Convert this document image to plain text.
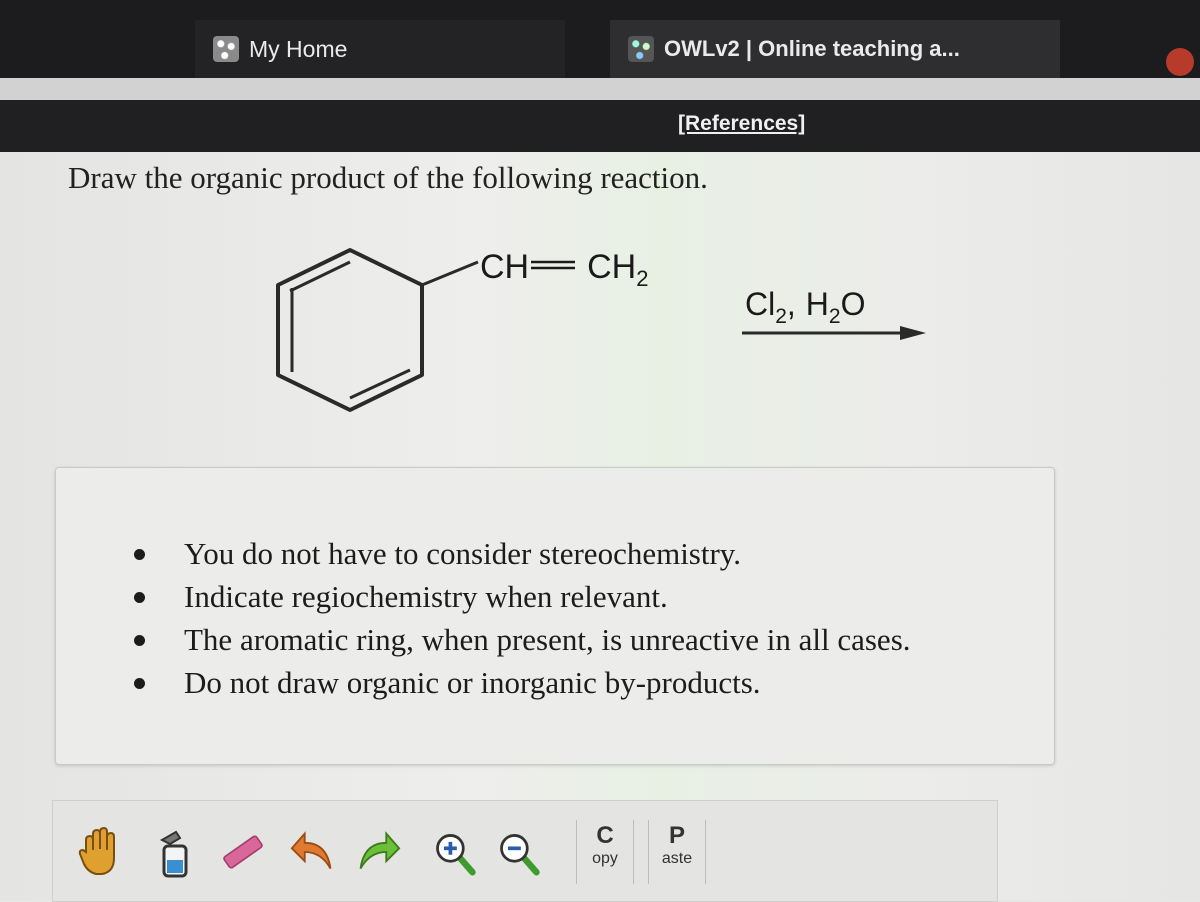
My Home	OWLv2 | Online teaching a...
[References]

Draw the organic product of the following reaction.

CH $CH_2$
$Cl_2$, $H_2O$
You do not have to consider stereochemistry.
Indicate regiochemistry when relevant.
The aromatic ring, when present, is unreactive in all cases.
Do not draw organic or inorganic by-products.
C
opy
P
aste
